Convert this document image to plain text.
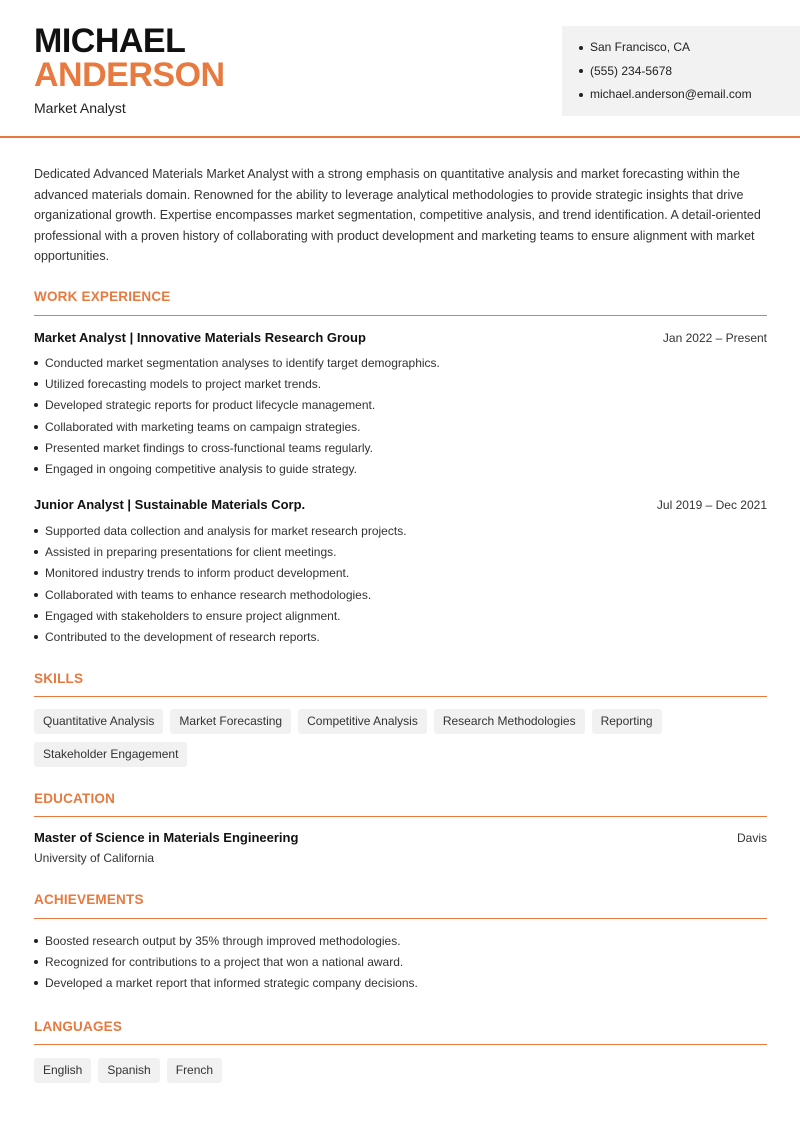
MICHAEL
ANDERSON
Market Analyst
San Francisco, CA
(555) 234-5678
michael.anderson@email.com

Dedicated Advanced Materials Market Analyst with a strong emphasis on quantitative analysis and market forecasting within the advanced materials domain. Renowned for the ability to leverage analytical methodologies to provide strategic insights that drive organizational growth. Expertise encompasses market segmentation, competitive analysis, and trend identification. A detail-oriented professional with a proven history of collaborating with product development and marketing teams to ensure alignment with market opportunities.

WORK EXPERIENCE
Market Analyst | Innovative Materials Research Group	Jan 2022 – Present
Conducted market segmentation analyses to identify target demographics.
Utilized forecasting models to project market trends.
Developed strategic reports for product lifecycle management.
Collaborated with marketing teams on campaign strategies.
Presented market findings to cross-functional teams regularly.
Engaged in ongoing competitive analysis to guide strategy.
Junior Analyst | Sustainable Materials Corp.	Jul 2019 – Dec 2021
Supported data collection and analysis for market research projects.
Assisted in preparing presentations for client meetings.
Monitored industry trends to inform product development.
Collaborated with teams to enhance research methodologies.
Engaged with stakeholders to ensure project alignment.
Contributed to the development of research reports.
SKILLS
Quantitative Analysis	Market Forecasting	Competitive Analysis	Research Methodologies	Reporting
Stakeholder Engagement
EDUCATION
Master of Science in Materials Engineering	Davis
University of California
ACHIEVEMENTS
Boosted research output by 35% through improved methodologies.
Recognized for contributions to a project that won a national award.
Developed a market report that informed strategic company decisions.
LANGUAGES
English	Spanish	French
